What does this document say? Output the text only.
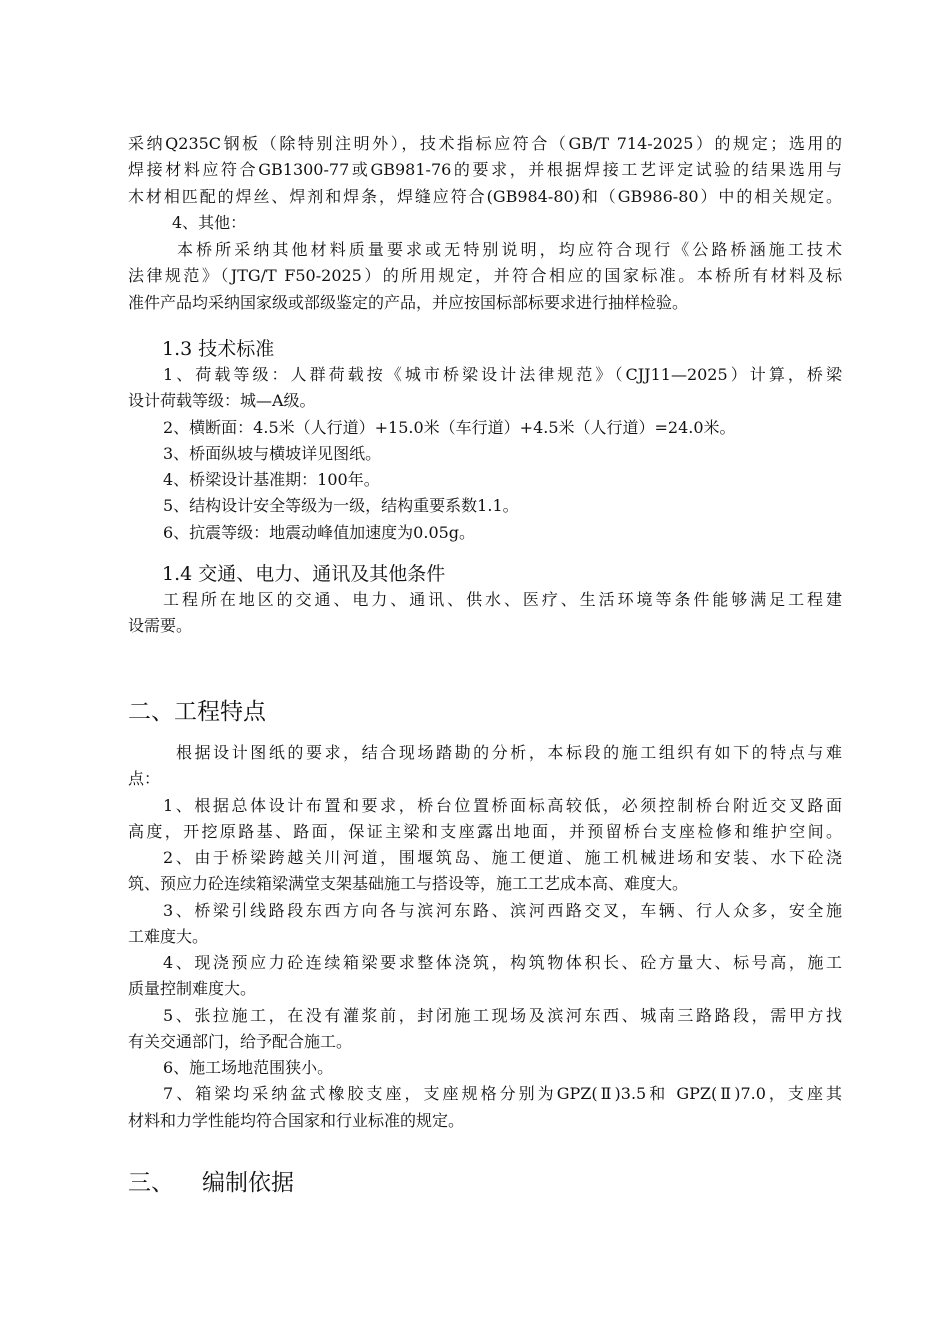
采纳Q235C钢板（除特别注明外），技术指标应符合（GB/T 714-2025）的规定；选用的
焊接材料应符合GB1300-77或GB981-76的要求，并根据焊接工艺评定试验的结果选用与
木材相匹配的焊丝、焊剂和焊条，焊缝应符合(GB984-80)和（GB986-80）中的相关规定。
4、其他：
本桥所采纳其他材料质量要求或无特别说明，均应符合现行《公路桥涵施工技术
法律规范》（JTG/T F50-2025）的所用规定，并符合相应的国家标准。本桥所有材料及标
准件产品均采纳国家级或部级鉴定的产品，并应按国标部标要求进行抽样检验。
1.3 技术标准
1、荷载等级：人群荷载按《城市桥梁设计法律规范》（CJJ11—2025）计算，桥梁
设计荷载等级：城—A级。
2、横断面：4.5米（人行道）+15.0米（车行道）+4.5米（人行道）=24.0米。
3、桥面纵坡与横坡详见图纸。
4、桥梁设计基准期：100年。
5、结构设计安全等级为一级，结构重要系数1.1。
6、抗震等级：地震动峰值加速度为0.05g。
1.4 交通、电力、通讯及其他条件
工程所在地区的交通、电力、通讯、供水、医疗、生活环境等条件能够满足工程建
设需要。
二、工程特点
根据设计图纸的要求，结合现场踏勘的分析，本标段的施工组织有如下的特点与难
点：
1、根据总体设计布置和要求，桥台位置桥面标高较低，必须控制桥台附近交叉路面
高度，开挖原路基、路面，保证主梁和支座露出地面，并预留桥台支座检修和维护空间。
2、由于桥梁跨越关川河道，围堰筑岛、施工便道、施工机械进场和安装、水下砼浇
筑、预应力砼连续箱梁满堂支架基础施工与搭设等，施工工艺成本高、难度大。
3、桥梁引线路段东西方向各与滨河东路、滨河西路交叉，车辆、行人众多，安全施
工难度大。
4、现浇预应力砼连续箱梁要求整体浇筑，构筑物体积长、砼方量大、标号高，施工
质量控制难度大。
5、张拉施工，在没有灌浆前，封闭施工现场及滨河东西、城南三路路段，需甲方找
有关交通部门，给予配合施工。
6、施工场地范围狭小。
7、箱梁均采纳盆式橡胶支座，支座规格分别为GPZ(Ⅱ)3.5和 GPZ(Ⅱ)7.0，支座其
材料和力学性能均符合国家和行业标准的规定。
三、 编制依据
